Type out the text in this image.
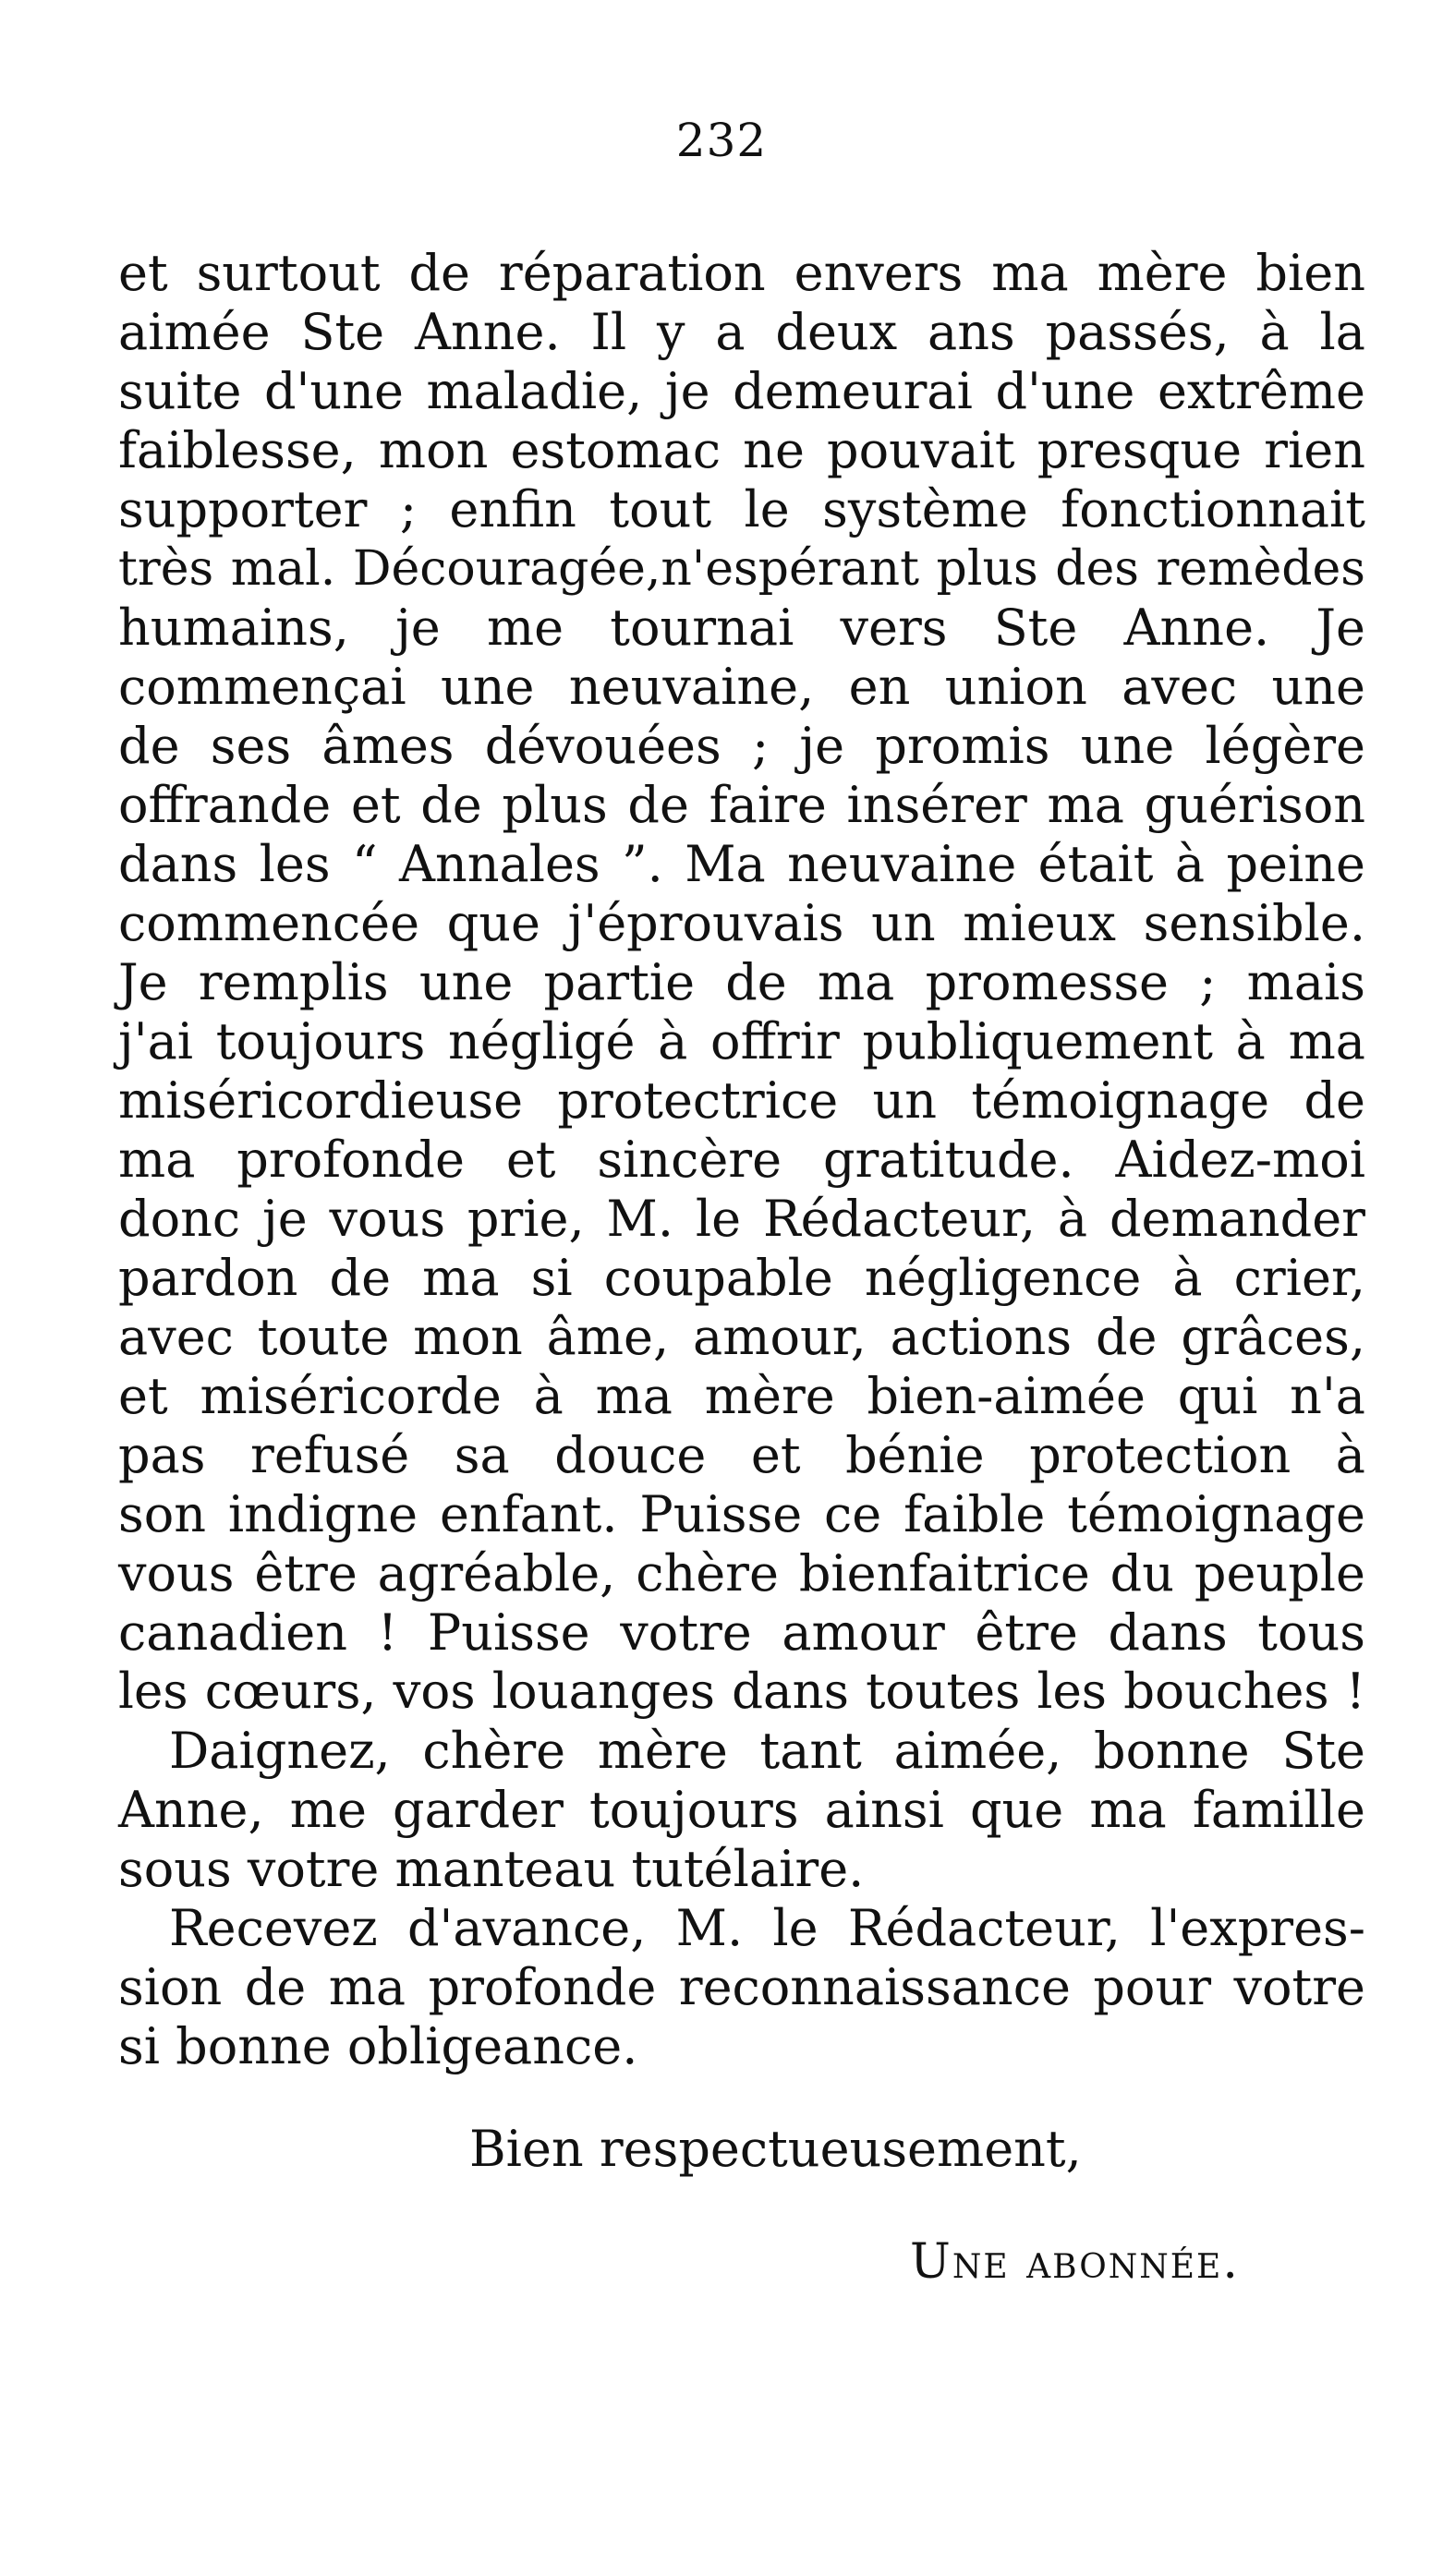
232
et surtout de réparation envers ma mère bien
aimée Ste Anne. Il y a deux ans passés, à la
suite d'une maladie, je demeurai d'une extrême
faiblesse, mon estomac ne pouvait presque rien
supporter ; enfin tout le système fonctionnait
très mal. Découragée,n'espérant plus des remèdes
humains, je me tournai vers Ste Anne. Je
commençai une neuvaine, en union avec une
de ses âmes dévouées ; je promis une légère
offrande et de plus de faire insérer ma guérison
dans les “ Annales ”. Ma neuvaine était à peine
commencée que j'éprouvais un mieux sensible.
Je remplis une partie de ma promesse ; mais
j'ai toujours négligé à offrir publiquement à ma
miséricordieuse protectrice un témoignage de
ma profonde et sincère gratitude. Aidez-moi
donc je vous prie, M. le Rédacteur, à demander
pardon de ma si coupable négligence à crier,
avec toute mon âme, amour, actions de grâces,
et miséricorde à ma mère bien-aimée qui n'a
pas refusé sa douce et bénie protection à
son indigne enfant. Puisse ce faible témoignage
vous être agréable, chère bienfaitrice du peuple
canadien ! Puisse votre amour être dans tous
les cœurs, vos louanges dans toutes les bouches !
Daignez, chère mère tant aimée, bonne Ste
Anne, me garder toujours ainsi que ma famille
sous votre manteau tutélaire.
Recevez d'avance, M. le Rédacteur, l'expres-
sion de ma profonde reconnaissance pour votre
si bonne obligeance.
Bien respectueusement,
Une abonnée.
